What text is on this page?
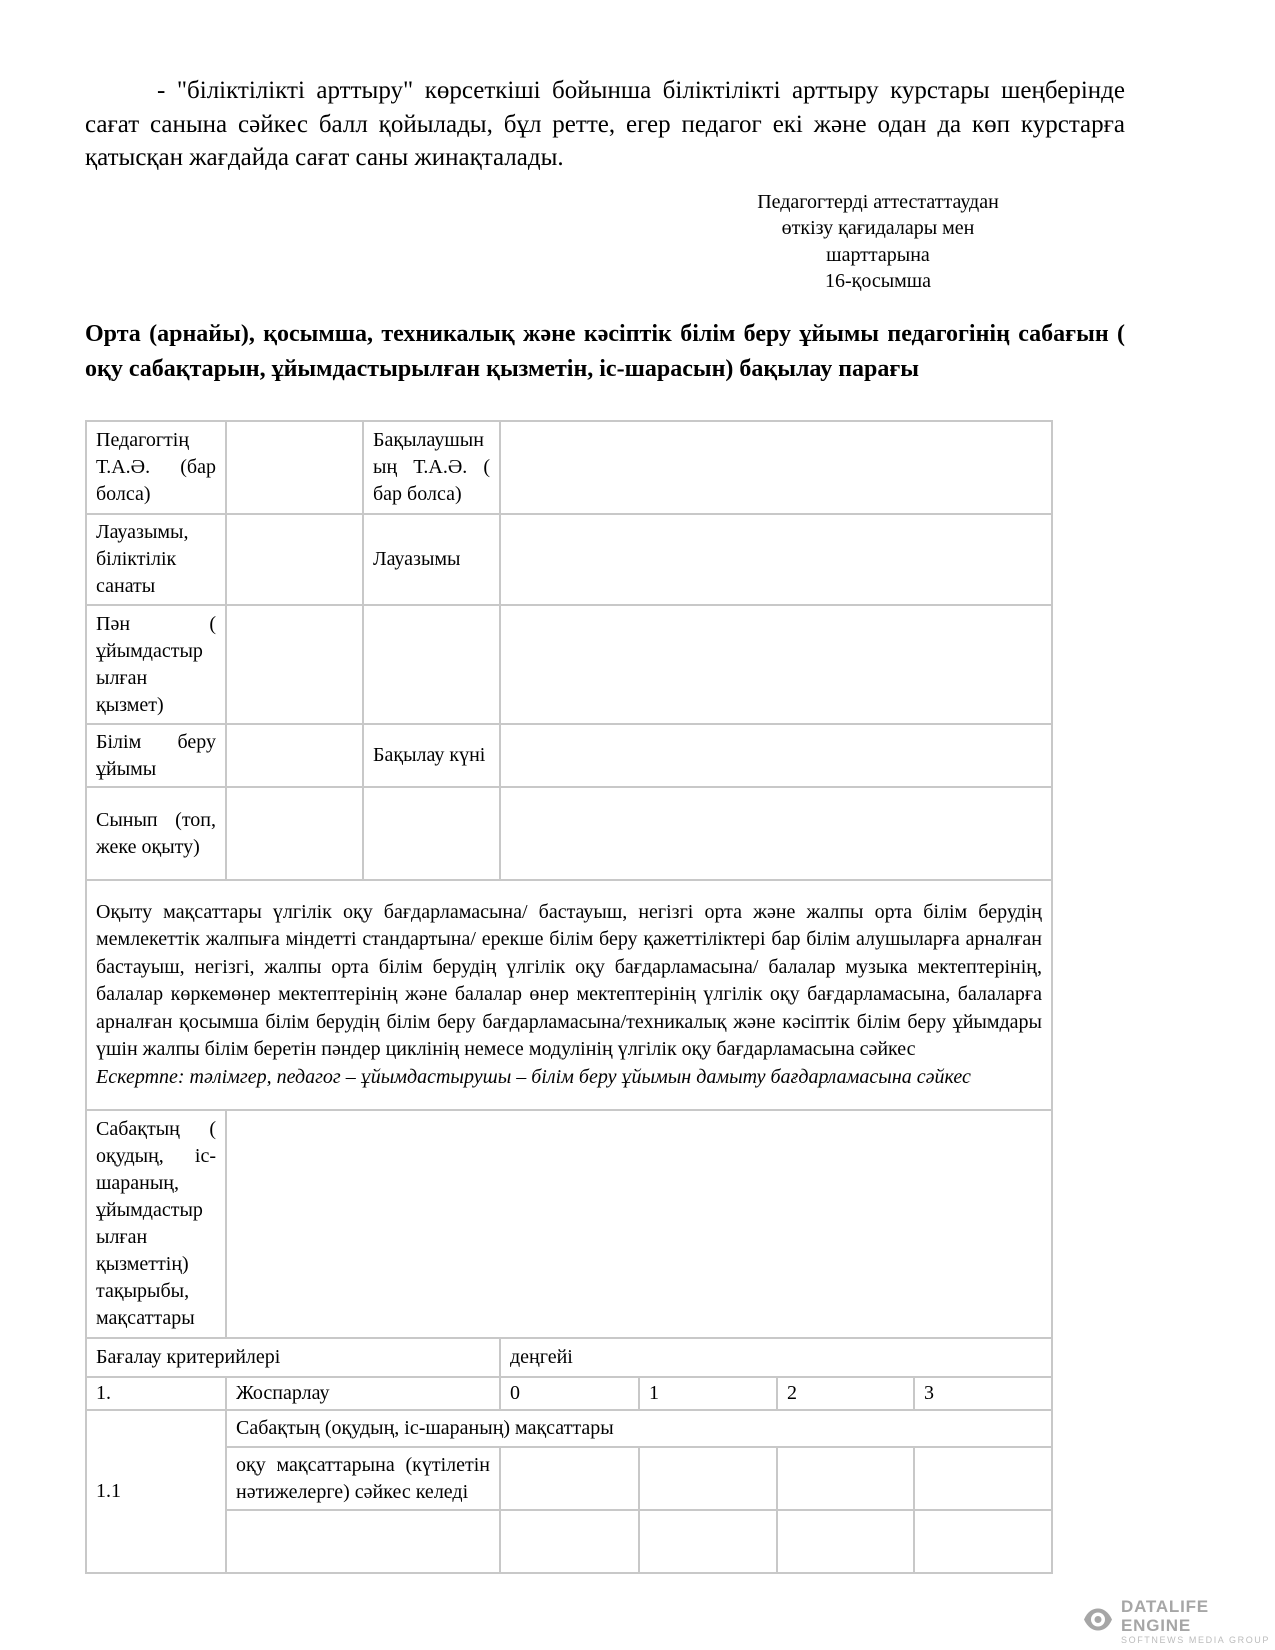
- "біліктілікті арттыру" көрсеткіші бойынша біліктілікті арттыру курстары шеңберінде сағат санына сәйкес балл қойылады, бұл ретте, егер педагог екі және одан да көп курстарға қатысқан жағдайда сағат саны жинақталады.

Педагогтерді аттестаттаудан
өткізу қағидалары мен
шарттарына
16-қосымша
Орта (арнайы), қосымша, техникалық және кәсіптік білім беру ұйымы педагогінің сабағын ( оқу сабақтарын, ұйымдастырылған қызметін, іс-шарасын) бақылау парағы
Педагогтің Т.А.Ә. (бар болса)		Бақылаушының Т.А.Ә. ( бар болса)				
Лауазымы, біліктілік санаты		Лауазымы				
Пән ( ұйымдастырылған қызмет)						
Білім беру ұйымы		Бақылау күні				
Сынып (топ, жеке оқыту)						

Оқыту мақсаттары үлгілік оқу бағдарламасына/ бастауыш, негізгі орта және жалпы орта білім берудің мемлекеттік жалпыға міндетті стандартына/ ерекше білім беру қажеттіліктері бар білім алушыларға арналған бастауыш, негізгі, жалпы орта білім берудің үлгілік оқу бағдарламасына/ балалар музыка мектептерінің, балалар көркемөнер мектептерінің және балалар өнер мектептерінің үлгілік оқу бағдарламасына, балаларға арналған қосымша білім берудің білім беру бағдарламасына/техникалық және кәсіптік білім беру ұйымдары үшін жалпы білім беретін пәндер циклінің немесе модулінің үлгілік оқу бағдарламасына сәйкес
Ескертпе: тәлімгер, педагог – ұйымдастырушы – білім беру ұйымын дамыту бағдарламасына сәйкес						

Сабақтың ( оқудың, іс-шараның, ұйымдастырылған қызметтің) тақырыбы, мақсаттары						
Бағалау критерийлері			деңгейі			
1.	Жоспарлау		0	1	2	3
1.1	Сабақтың (оқудың, іс-шараның) мақсаттары					
	оқу мақсаттарына (күтілетін нәтижелерге) сәйкес келеді					

DATALIFE ENGINE
SOFTNEWS MEDIA GROUP
